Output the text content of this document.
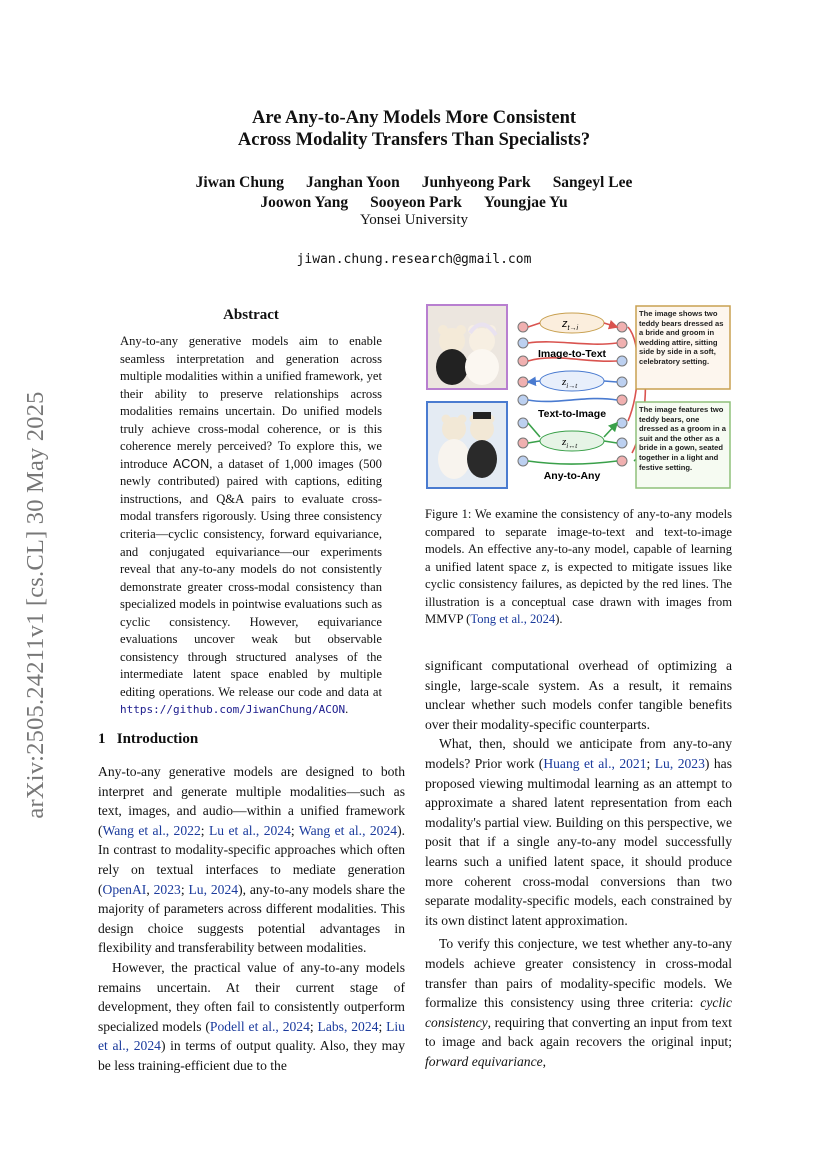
arXiv:2505.24211v1 [cs.CL] 30 May 2025
Are Any-to-Any Models More Consistent
Across Modality Transfers Than Specialists?
Jiwan Chung Janghan Yoon Junhyeong Park Sangeyl Lee
Joowon Yang Sooyeon Park Youngjae Yu
Yonsei University
jiwan.chung.research@gmail.com
Abstract

Any-to-any generative models aim to enable seamless interpretation and generation across multiple modalities within a unified framework, yet their ability to preserve relationships across modalities remains uncertain. Do unified models truly achieve cross-modal coherence, or is this coherence merely perceived? To explore this, we introduce ACON, a dataset of 1,000 images (500 newly contributed) paired with captions, editing instructions, and Q&A pairs to evaluate cross-modal transfers rigorously. Using three consistency criteria—cyclic consistency, forward equivariance, and conjugated equivariance—our experiments reveal that any-to-any models do not consistently demonstrate greater cross-modal consistency than specialized models in pointwise evaluations such as cyclic consistency. However, equivariance evaluations uncover weak but observable consistency through structured analyses of the intermediate latent space enabled by multiple editing operations. We release our code and data at https://github.com/JiwanChung/ACON.

$z_{t\to i}$
$z_{i\to t}$
$z_{i\leftrightarrow t}$
Image-to-Text
Text-to-Image
Any-to-Any
The image shows two teddy bears dressed as a bride and groom in wedding attire, sitting side by side in a soft, celebratory setting.
The image features two teddy bears, one dressed as a groom in a suit and the other as a bride in a gown, seated together in a light and festive setting.

Figure 1: We examine the consistency of any-to-any models compared to separate image-to-text and text-to-image models. An effective any-to-any model, capable of learning a unified latent space z, is expected to mitigate issues like cyclic consistency failures, as depicted by the red lines. The illustration is a conceptual case drawn with images from MMVP (Tong et al., 2024).

1 Introduction

Any-to-any generative models are designed to both interpret and generate multiple modalities—such as text, images, and audio—within a unified framework (Wang et al., 2022; Lu et al., 2024; Wang et al., 2024). In contrast to modality-specific approaches which often rely on textual interfaces to mediate generation (OpenAI, 2023; Lu, 2024), any-to-any models share the majority of parameters across different modalities. This design choice suggests potential advantages in flexibility and transferability between modalities.

However, the practical value of any-to-any models remains uncertain. At their current stage of development, they often fail to consistently outperform specialized models (Podell et al., 2024; Labs, 2024; Liu et al., 2024) in terms of output quality. Also, they may be less training-efficient due to the

significant computational overhead of optimizing a single, large-scale system. As a result, it remains unclear whether such models confer tangible benefits over their modality-specific counterparts.

What, then, should we anticipate from any-to-any models? Prior work (Huang et al., 2021; Lu, 2023) has proposed viewing multimodal learning as an attempt to approximate a shared latent representation from each modality's partial view. Building on this perspective, we posit that if a single any-to-any model successfully learns such a unified latent space, it should produce more coherent cross-modal conversions than two separate modality-specific models, each constrained by its own distinct latent approximation.

To verify this conjecture, we test whether any-to-any models achieve greater consistency in cross-modal transfer than pairs of modality-specific models. We formalize this consistency using three criteria: cyclic consistency, requiring that converting an input from text to image and back again recovers the original input; forward equivariance,
